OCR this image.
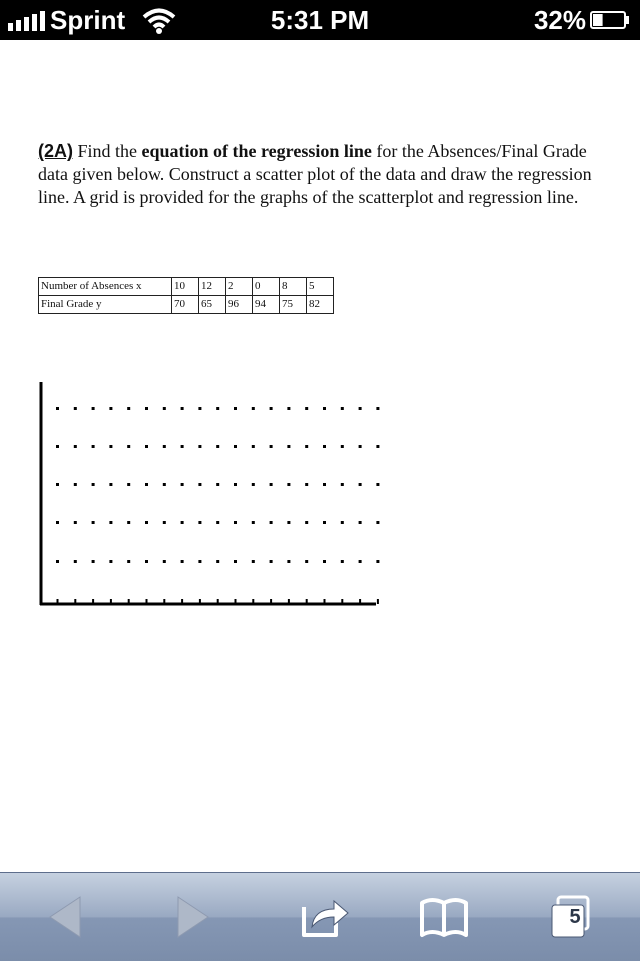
Sprint	5:31 PM	32%
(2A) Find the equation of the regression line for the Absences/Final Grade data given below. Construct a scatter plot of the data and draw the regression line. A grid is provided for the graphs of the scatterplot and regression line.
Number of Absences x	10	12	2	0	8	5
Final Grade y	70	65	96	94	75	82
5
